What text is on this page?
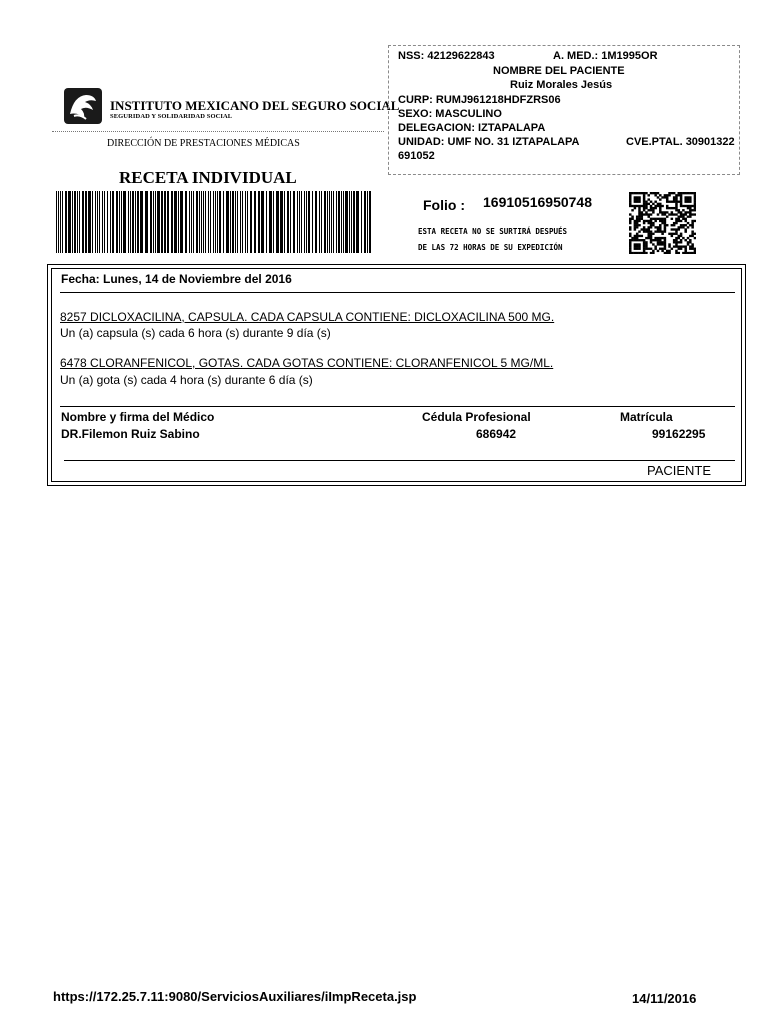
INSTITUTO MEXICANO DEL SEGURO SOCIAL
SEGURIDAD Y SOLIDARIDAD SOCIAL
DIRECCIÓN DE PRESTACIONES MÉDICAS
RECETA INDIVIDUAL
NSS: 42129622843	A. MED.: 1M1995OR
NOMBRE DEL PACIENTE
Ruiz Morales Jesús
CURP: RUMJ961218HDFZRS06
SEXO: MASCULINO
DELEGACION: IZTAPALAPA
UNIDAD: UMF NO. 31 IZTAPALAPA	CVE.PTAL. 30901322
691052
Folio : 16910516950748
ESTA RECETA NO SE SURTIRÁ DESPUÉS
DE LAS 72 HORAS DE SU EXPEDICIÓN
Fecha: Lunes, 14 de Noviembre del 2016
8257 DICLOXACILINA, CAPSULA. CADA CAPSULA CONTIENE: DICLOXACILINA 500 MG.
Un (a) capsula (s) cada 6 hora (s) durante 9 día (s)
6478 CLORANFENICOL, GOTAS. CADA GOTAS CONTIENE: CLORANFENICOL 5 MG/ML.
Un (a) gota (s) cada 4 hora (s) durante 6 día (s)
Nombre y firma del Médico	Cédula Profesional	Matrícula
DR.Filemon Ruiz Sabino	686942	99162295
PACIENTE
https://172.25.7.11:9080/ServiciosAuxiliares/iImpReceta.jsp	14/11/2016
